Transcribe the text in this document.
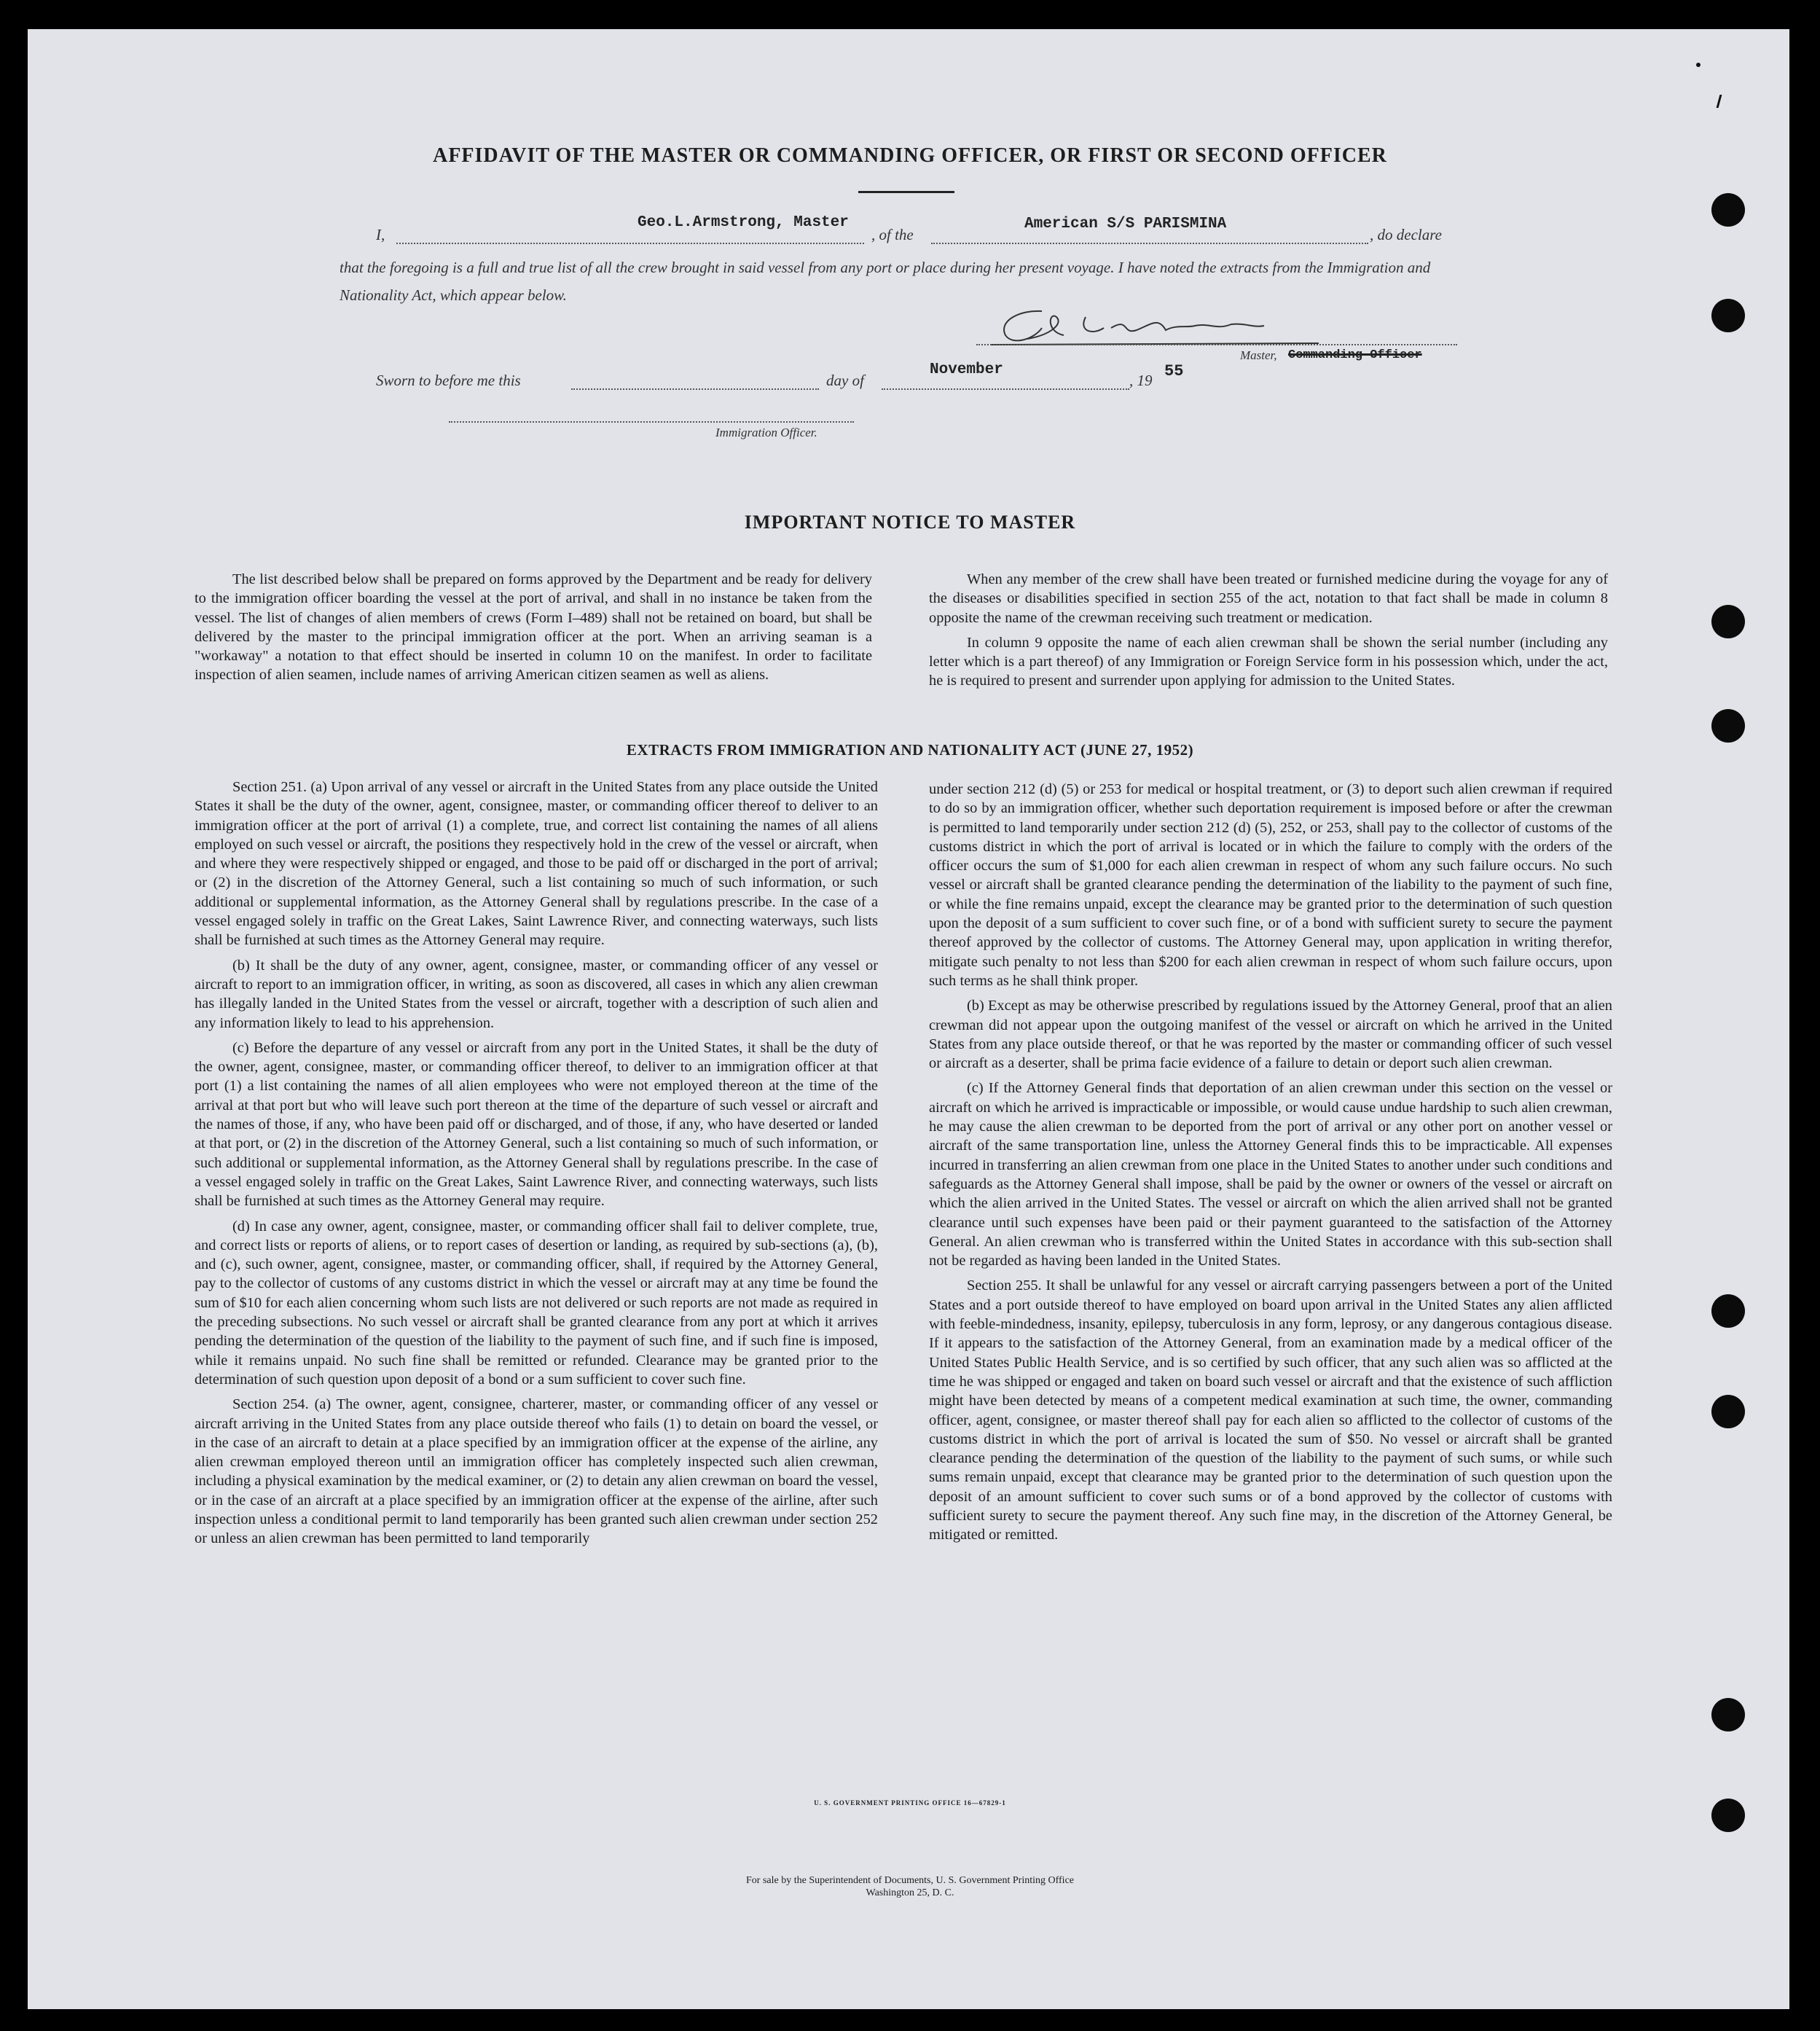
AFFIDAVIT OF THE MASTER OR COMMANDING OFFICER, OR FIRST OR SECOND OFFICER
I,
Geo.L.Armstrong, Master
, of the
American S/S PARISMINA
, do declare
that the foregoing is a full and true list of all the crew brought in said vessel from any port or place during her present voyage. I have noted the extracts from the Immigration and Nationality Act, which appear below.
Master, Commanding Officer
Sworn to before me this	day of
November
, 19 55
Immigration Officer.
IMPORTANT NOTICE TO MASTER

The list described below shall be prepared on forms approved by the Department and be ready for delivery to the immigration officer boarding the vessel at the port of arrival, and shall in no instance be taken from the vessel. The list of changes of alien members of crews (Form I–489) shall not be retained on board, but shall be delivered by the master to the principal immigration officer at the port. When an arriving seaman is a "workaway" a notation to that effect should be inserted in column 10 on the manifest. In order to facilitate inspection of alien seamen, include names of arriving American citizen seamen as well as aliens.

When any member of the crew shall have been treated or furnished medicine during the voyage for any of the diseases or disabilities specified in section 255 of the act, notation to that fact shall be made in column 8 opposite the name of the crewman receiving such treatment or medication.

In column 9 opposite the name of each alien crewman shall be shown the serial number (including any letter which is a part thereof) of any Immigration or Foreign Service form in his possession which, under the act, he is required to present and surrender upon applying for admission to the United States.

EXTRACTS FROM IMMIGRATION AND NATIONALITY ACT (JUNE 27, 1952)

Section 251. (a) Upon arrival of any vessel or aircraft in the United States from any place outside the United States it shall be the duty of the owner, agent, consignee, master, or commanding officer thereof to deliver to an immigration officer at the port of arrival (1) a complete, true, and correct list containing the names of all aliens employed on such vessel or aircraft, the positions they respectively hold in the crew of the vessel or aircraft, when and where they were respectively shipped or engaged, and those to be paid off or discharged in the port of arrival; or (2) in the discretion of the Attorney General, such a list containing so much of such information, or such additional or supplemental information, as the Attorney General shall by regulations prescribe. In the case of a vessel engaged solely in traffic on the Great Lakes, Saint Lawrence River, and connecting waterways, such lists shall be furnished at such times as the Attorney General may require.

(b) It shall be the duty of any owner, agent, consignee, master, or commanding officer of any vessel or aircraft to report to an immigration officer, in writing, as soon as discovered, all cases in which any alien crewman has illegally landed in the United States from the vessel or aircraft, together with a description of such alien and any information likely to lead to his apprehension.

(c) Before the departure of any vessel or aircraft from any port in the United States, it shall be the duty of the owner, agent, consignee, master, or commanding officer thereof, to deliver to an immigration officer at that port (1) a list containing the names of all alien employees who were not employed thereon at the time of the arrival at that port but who will leave such port thereon at the time of the departure of such vessel or aircraft and the names of those, if any, who have been paid off or discharged, and of those, if any, who have deserted or landed at that port, or (2) in the discretion of the Attorney General, such a list containing so much of such information, or such additional or supplemental information, as the Attorney General shall by regulations prescribe. In the case of a vessel engaged solely in traffic on the Great Lakes, Saint Lawrence River, and connecting waterways, such lists shall be furnished at such times as the Attorney General may require.

(d) In case any owner, agent, consignee, master, or commanding officer shall fail to deliver complete, true, and correct lists or reports of aliens, or to report cases of desertion or landing, as required by sub-sections (a), (b), and (c), such owner, agent, consignee, master, or commanding officer, shall, if required by the Attorney General, pay to the collector of customs of any customs district in which the vessel or aircraft may at any time be found the sum of $10 for each alien concerning whom such lists are not delivered or such reports are not made as required in the preceding subsections. No such vessel or aircraft shall be granted clearance from any port at which it arrives pending the determination of the question of the liability to the payment of such fine, and if such fine is imposed, while it remains unpaid. No such fine shall be remitted or refunded. Clearance may be granted prior to the determination of such question upon deposit of a bond or a sum sufficient to cover such fine.

Section 254. (a) The owner, agent, consignee, charterer, master, or commanding officer of any vessel or aircraft arriving in the United States from any place outside thereof who fails (1) to detain on board the vessel, or in the case of an aircraft to detain at a place specified by an immigration officer at the expense of the airline, any alien crewman employed thereon until an immigration officer has completely inspected such alien crewman, including a physical examination by the medical examiner, or (2) to detain any alien crewman on board the vessel, or in the case of an aircraft at a place specified by an immigration officer at the expense of the airline, after such inspection unless a conditional permit to land temporarily has been granted such alien crewman under section 252 or unless an alien crewman has been permitted to land temporarily

under section 212 (d) (5) or 253 for medical or hospital treatment, or (3) to deport such alien crewman if required to do so by an immigration officer, whether such deportation requirement is imposed before or after the crewman is permitted to land temporarily under section 212 (d) (5), 252, or 253, shall pay to the collector of customs of the customs district in which the port of arrival is located or in which the failure to comply with the orders of the officer occurs the sum of $1,000 for each alien crewman in respect of whom any such failure occurs. No such vessel or aircraft shall be granted clearance pending the determination of the liability to the payment of such fine, or while the fine remains unpaid, except the clearance may be granted prior to the determination of such question upon the deposit of a sum sufficient to cover such fine, or of a bond with sufficient surety to secure the payment thereof approved by the collector of customs. The Attorney General may, upon application in writing therefor, mitigate such penalty to not less than $200 for each alien crewman in respect of whom such failure occurs, upon such terms as he shall think proper.

(b) Except as may be otherwise prescribed by regulations issued by the Attorney General, proof that an alien crewman did not appear upon the outgoing manifest of the vessel or aircraft on which he arrived in the United States from any place outside thereof, or that he was reported by the master or commanding officer of such vessel or aircraft as a deserter, shall be prima facie evidence of a failure to detain or deport such alien crewman.

(c) If the Attorney General finds that deportation of an alien crewman under this section on the vessel or aircraft on which he arrived is impracticable or impossible, or would cause undue hardship to such alien crewman, he may cause the alien crewman to be deported from the port of arrival or any other port on another vessel or aircraft of the same transportation line, unless the Attorney General finds this to be impracticable. All expenses incurred in transferring an alien crewman from one place in the United States to another under such conditions and safeguards as the Attorney General shall impose, shall be paid by the owner or owners of the vessel or aircraft on which the alien arrived in the United States. The vessel or aircraft on which the alien arrived shall not be granted clearance until such expenses have been paid or their payment guaranteed to the satisfaction of the Attorney General. An alien crewman who is transferred within the United States in accordance with this sub-section shall not be regarded as having been landed in the United States.

Section 255. It shall be unlawful for any vessel or aircraft carrying passengers between a port of the United States and a port outside thereof to have employed on board upon arrival in the United States any alien afflicted with feeble-mindedness, insanity, epilepsy, tuberculosis in any form, leprosy, or any dangerous contagious disease. If it appears to the satisfaction of the Attorney General, from an examination made by a medical officer of the United States Public Health Service, and is so certified by such officer, that any such alien was so afflicted at the time he was shipped or engaged and taken on board such vessel or aircraft and that the existence of such affliction might have been detected by means of a competent medical examination at such time, the owner, commanding officer, agent, consignee, or master thereof shall pay for each alien so afflicted to the collector of customs of the customs district in which the port of arrival is located the sum of $50. No vessel or aircraft shall be granted clearance pending the determination of the question of the liability to the payment of such sums, or while such sums remain unpaid, except that clearance may be granted prior to the determination of such question upon the deposit of an amount sufficient to cover such sums or of a bond approved by the collector of customs with sufficient surety to secure the payment thereof. Any such fine may, in the discretion of the Attorney General, be mitigated or remitted.

U. S. GOVERNMENT PRINTING OFFICE 16—67829-1
For sale by the Superintendent of Documents, U. S. Government Printing Office
Washington 25, D. C.
